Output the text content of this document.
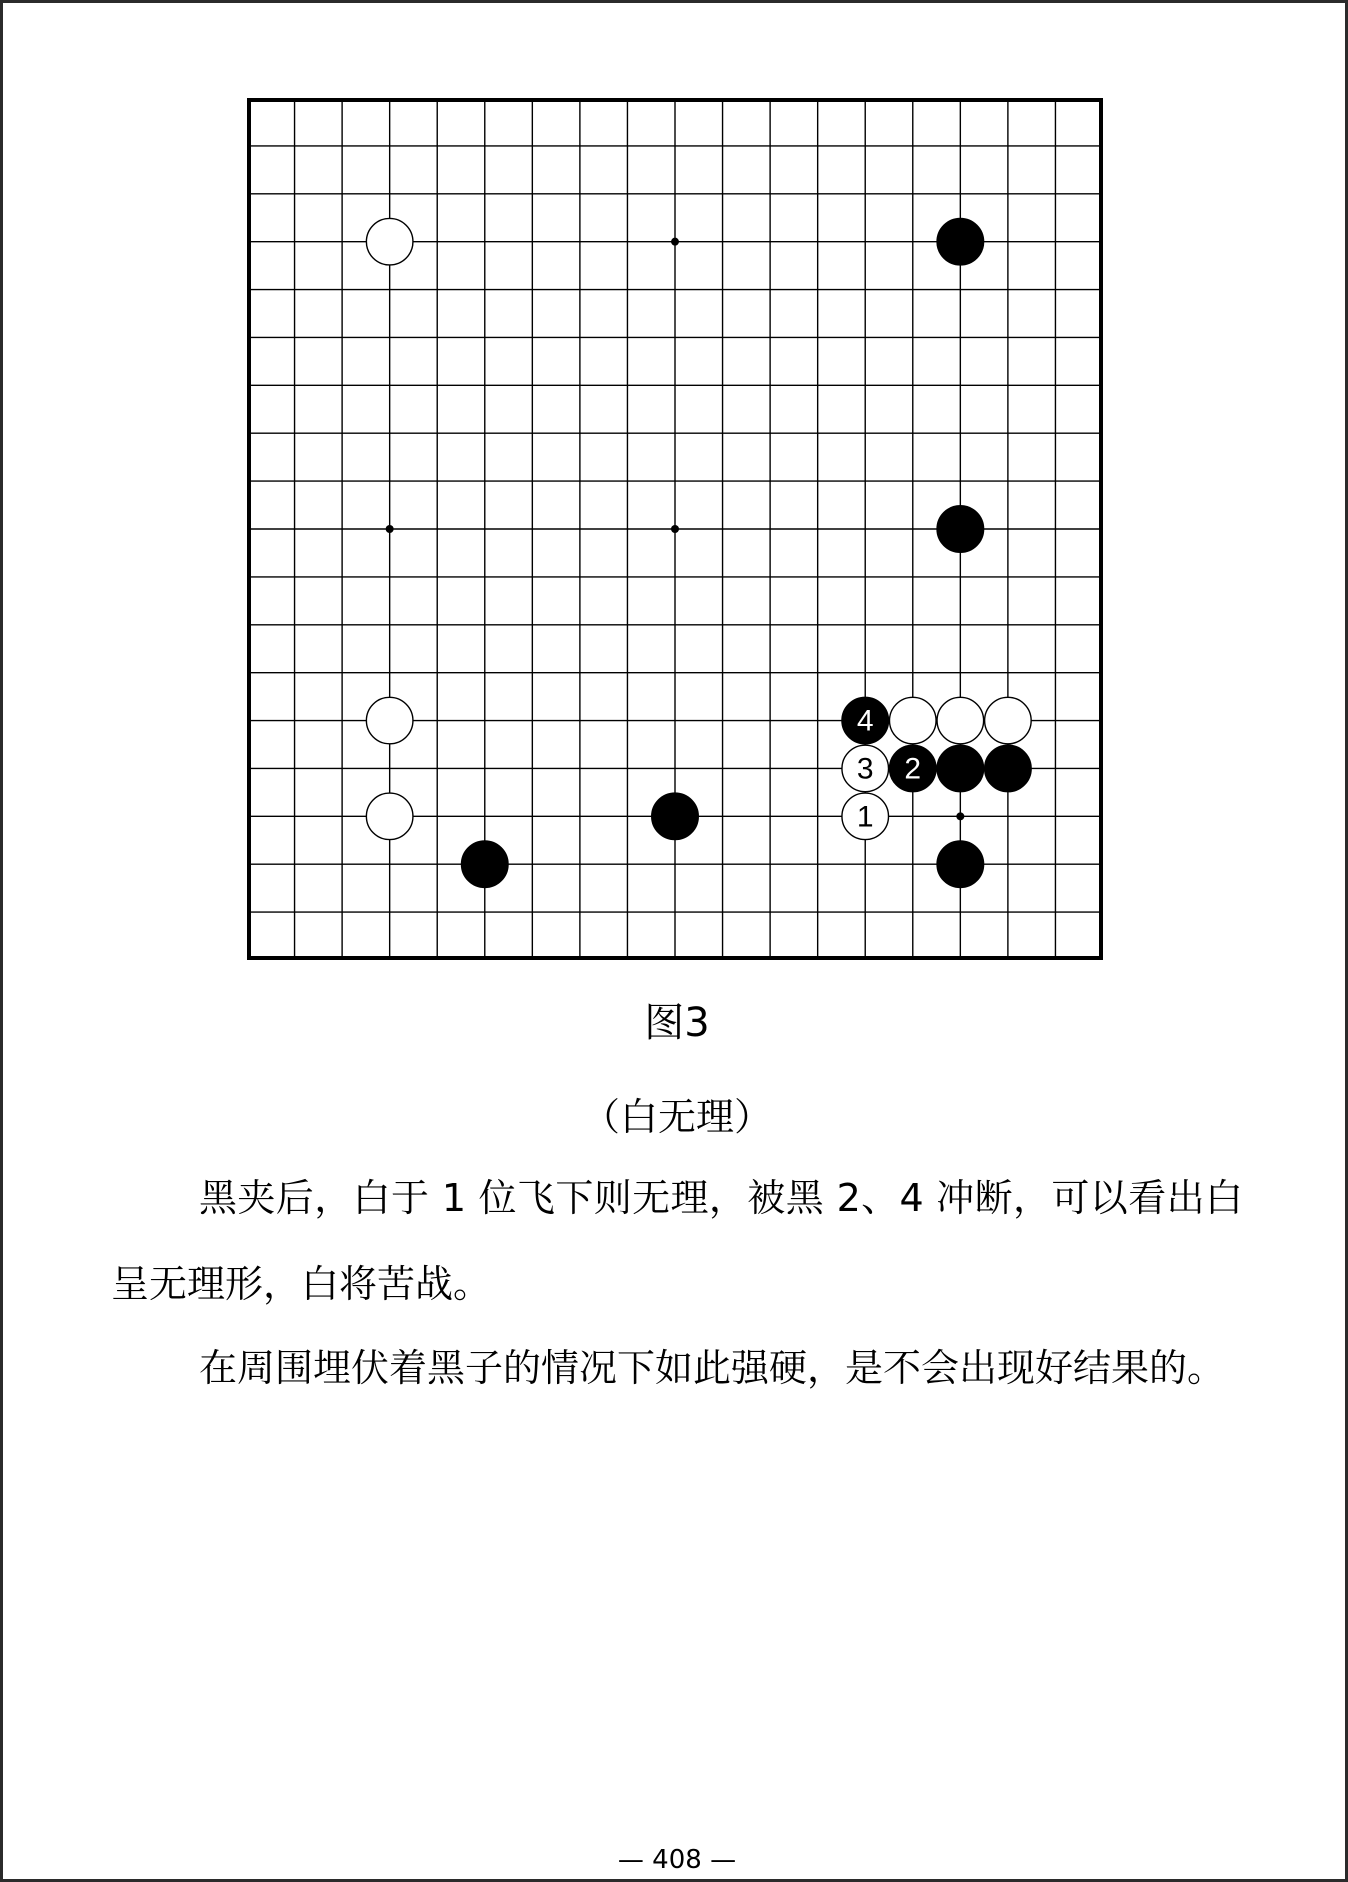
4
3 2
1
图3
（白无理）

黑夹后，白于 1 位飞下则无理，被黑 2、4 冲断，可以看出白呈无理形，白将苦战。

在周围埋伏着黑子的情况下如此强硬，是不会出现好结果的。

— 408 —
